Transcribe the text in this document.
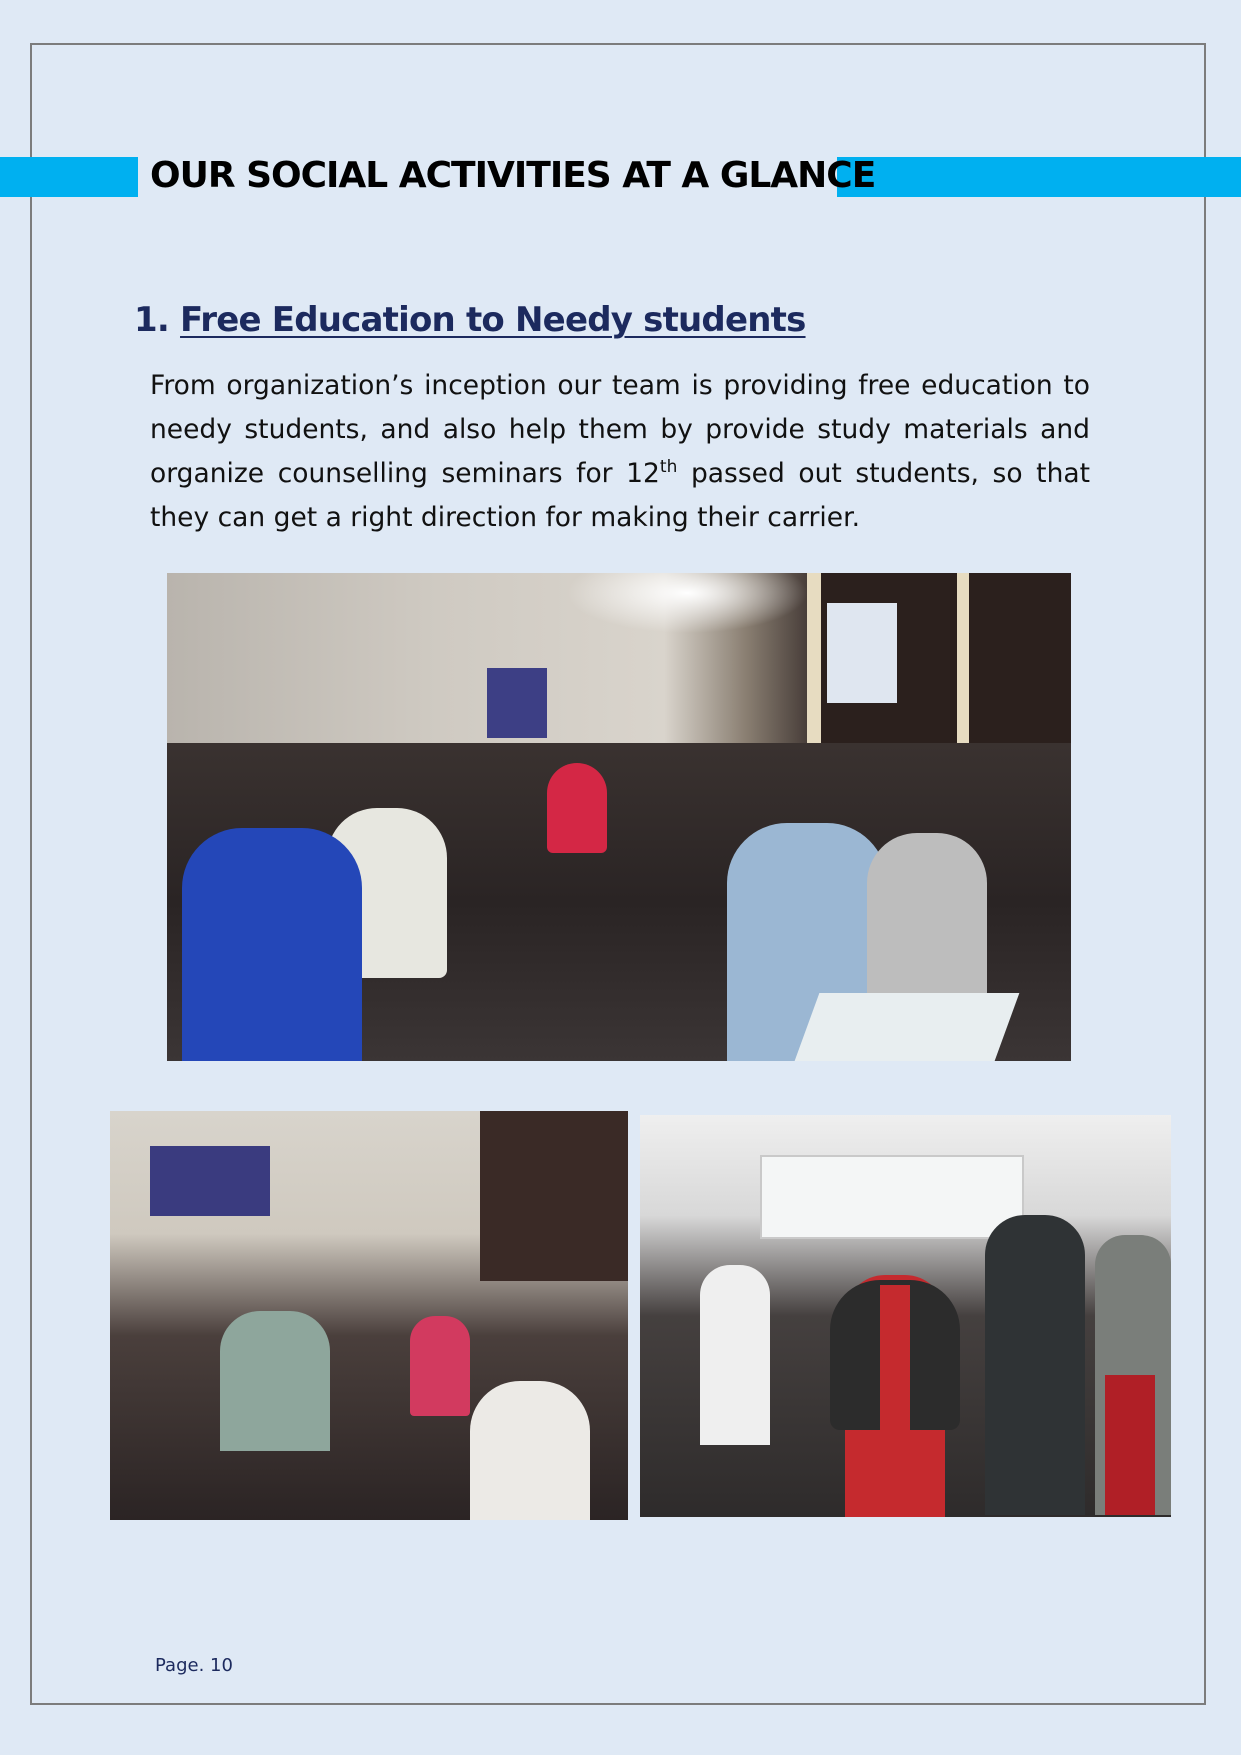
OUR SOCIAL ACTIVITIES AT A GLANCE
1. Free Education to Needy students

From organization’s inception our team is providing free education to needy students, and also help them by provide study materials and organize counselling seminars for 12th passed out students, so that they can get a right direction for making their carrier.

Page. 10
